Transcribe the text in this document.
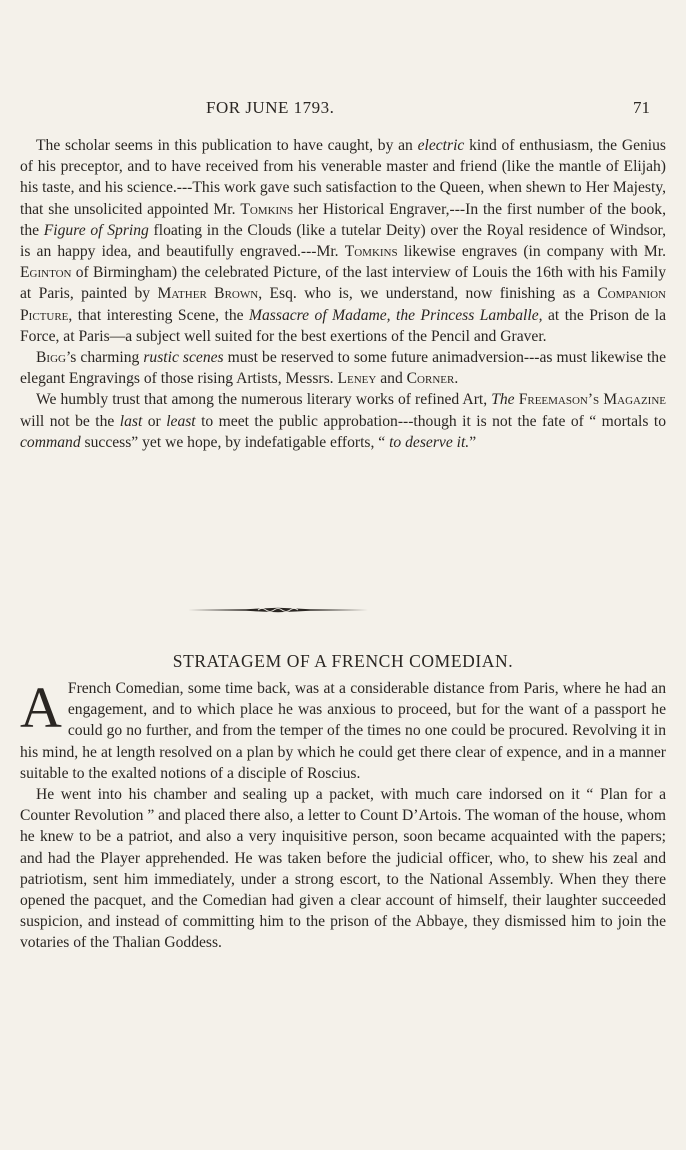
FOR JUNE 1793.	71

The scholar seems in this publication to have caught, by an electric kind of enthusiasm, the Genius of his preceptor, and to have received from his venerable master and friend (like the mantle of Elijah) his taste, and his science.---This work gave such satisfaction to the Queen, when shewn to Her Majesty, that she unsolicited appointed Mr. Tomkins her Historical Engraver,---In the first number of the book, the Figure of Spring floating in the Clouds (like a tutelar Deity) over the Royal residence of Windsor, is an happy idea, and beautifully engraved.---Mr. Tomkins likewise engraves (in company with Mr. Eginton of Birmingham) the celebrated Picture, of the last interview of Louis the 16th with his Family at Paris, painted by Mather Brown, Esq. who is, we understand, now finishing as a Companion Picture, that interesting Scene, the Massacre of Madame, the Princess Lamballe, at the Prison de la Force, at Paris—a subject well suited for the best exertions of the Pencil and Graver.

Bigg’s charming rustic scenes must be reserved to some future animadversion---as must likewise the elegant Engravings of those rising Artists, Messrs. Leney and Corner.

We humbly trust that among the numerous literary works of refined Art, The Freemason’s Magazine will not be the last or least to meet the public approbation---though it is not the fate of “ mortals to command success” yet we hope, by indefatigable efforts, “ to deserve it.”

STRATAGEM OF A FRENCH COMEDIAN.

A French Comedian, some time back, was at a considerable distance from Paris, where he had an engagement, and to which place he was anxious to proceed, but for the want of a passport he could go no further, and from the temper of the times no one could be procured. Revolving it in his mind, he at length resolved on a plan by which he could get there clear of expence, and in a manner suitable to the exalted notions of a disciple of Roscius.

He went into his chamber and sealing up a packet, with much care indorsed on it “ Plan for a Counter Revolution ” and placed there also, a letter to Count D’Artois. The woman of the house, whom he knew to be a patriot, and also a very inquisitive person, soon became acquainted with the papers; and had the Player apprehended. He was taken before the judicial officer, who, to shew his zeal and patriotism, sent him immediately, under a strong escort, to the National Assembly. When they there opened the pacquet, and the Comedian had given a clear account of himself, their laughter succeeded suspicion, and instead of committing him to the prison of the Abbaye, they dismissed him to join the votaries of the Thalian Goddess.
